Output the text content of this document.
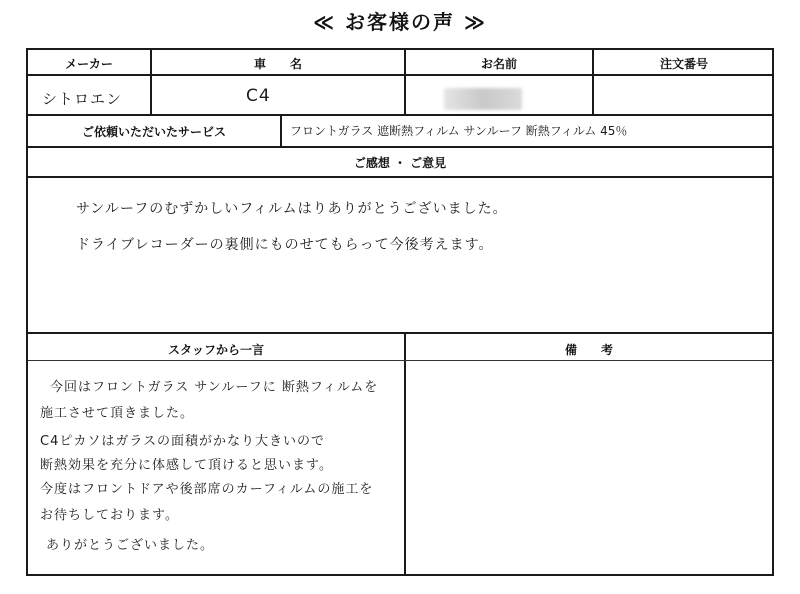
≪ お客様の声 ≫
メーカー	車　　名	お名前	注文番号
シトロエン	C4
ご依頼いただいたサービス	フロントガラス 遮断熱フィルム サンルーフ 断熱フィルム 45％
ご感想 ・ ご意見
サンルーフのむずかしいフィルムはりありがとうございました。
ドライブレコーダーの裏側にものせてもらって今後考えます。
スタッフから一言	備　　考
今回はフロントガラス サンルーフに 断熱フィルムを
施工させて頂きました。
C4ピカソはガラスの面積がかなり大きいので
断熱効果を充分に体感して頂けると思います。
今度はフロントドアや後部席のカーフィルムの施工を
お待ちしております。
ありがとうございました。
